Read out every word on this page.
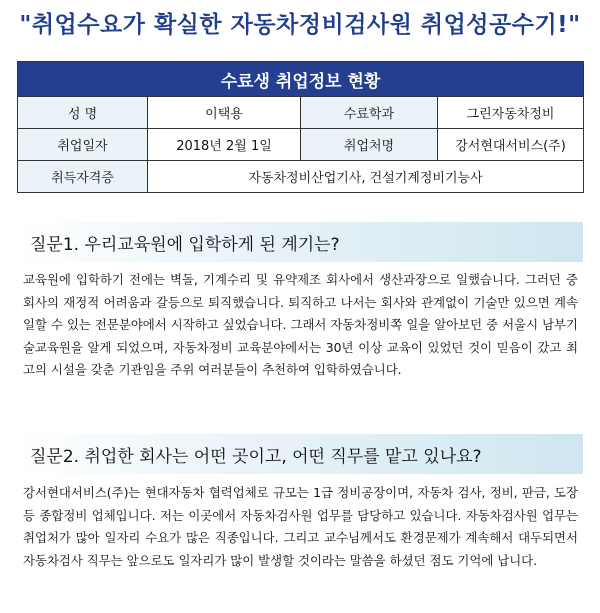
"취업수요가 확실한 자동차정비검사원 취업성공수기!"
수료생 취업정보 현황			
성 명	이택용	수료학과	그린자동차정비
취업일자	2018년 2월 1일	취업처명	강서현대서비스(주)
취득자격증	자동차정비산업기사, 건설기계정비기능사		
질문1. 우리교육원에 입학하게 된 계기는?
교육원에 입학하기 전에는 벽돌, 기계수리 및 유약제조 회사에서 생산과장으로 일했습니다. 그러던 중 회사의 재정적 어려움과 갈등으로 퇴직했습니다. 퇴직하고 나서는 회사와 관계없이 기술만 있으면 계속 일할 수 있는 전문분야에서 시작하고 싶었습니다. 그래서 자동차정비쪽 일을 알아보던 중 서울시 남부기술교육원을 알게 되었으며, 자동차정비 교육분야에서는 30년 이상 교육이 있었던 것이 믿음이 갔고 최고의 시설을 갖춘 기관임을 주위 여러분들이 추천하여 입학하였습니다.
질문2. 취업한 회사는 어떤 곳이고, 어떤 직무를 맡고 있나요?
강서현대서비스(주)는 현대자동차 협력업체로 규모는 1급 정비공장이며, 자동차 검사, 정비, 판금, 도장 등 종합정비 업체입니다. 저는 이곳에서 자동차검사원 업무를 담당하고 있습니다. 자동차검사원 업무는 취업처가 많아 일자리 수요가 많은 직종입니다. 그리고 교수님께서도 환경문제가 계속해서 대두되면서 자동차검사 직무는 앞으로도 일자리가 많이 발생할 것이라는 말씀을 하셨던 점도 기억에 납니다.
